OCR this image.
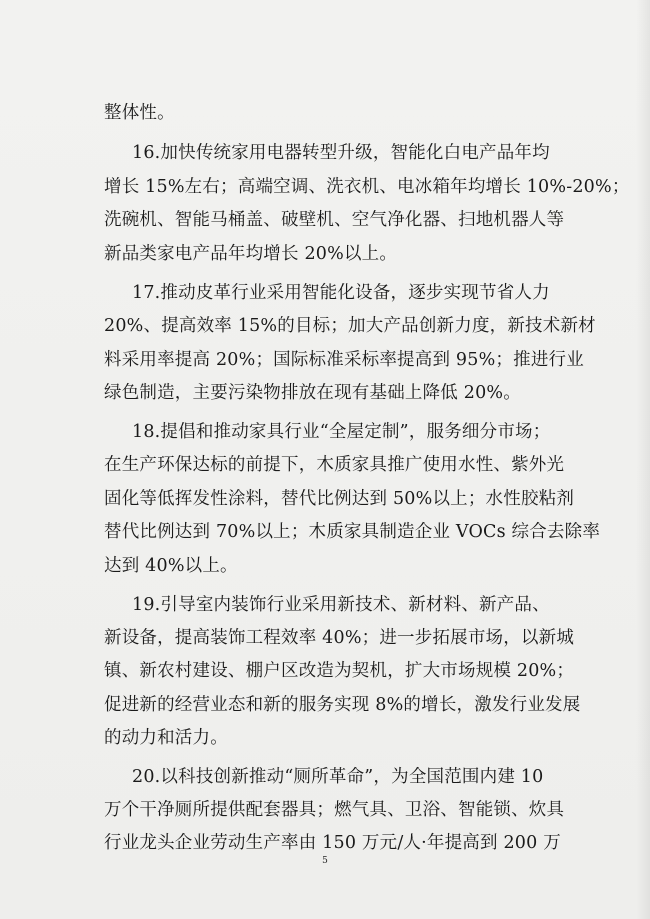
整体性。
16.加快传统家用电器转型升级，智能化白电产品年均
增长 15%左右；高端空调、洗衣机、电冰箱年均增长 10%-20%；
洗碗机、智能马桶盖、破壁机、空气净化器、扫地机器人等
新品类家电产品年均增长 20%以上。
17.推动皮革行业采用智能化设备，逐步实现节省人力
20%、提高效率 15%的目标；加大产品创新力度，新技术新材
料采用率提高 20%；国际标准采标率提高到 95%；推进行业
绿色制造，主要污染物排放在现有基础上降低 20%。
18.提倡和推动家具行业“全屋定制”，服务细分市场；
在生产环保达标的前提下，木质家具推广使用水性、紫外光
固化等低挥发性涂料，替代比例达到 50%以上；水性胶粘剂
替代比例达到 70%以上；木质家具制造企业 VOCs 综合去除率
达到 40%以上。
19.引导室内装饰行业采用新技术、新材料、新产品、
新设备，提高装饰工程效率 40%；进一步拓展市场，以新城
镇、新农村建设、棚户区改造为契机，扩大市场规模 20%；
促进新的经营业态和新的服务实现 8%的增长，激发行业发展
的动力和活力。
20.以科技创新推动“厕所革命”，为全国范围内建 10
万个干净厕所提供配套器具；燃气具、卫浴、智能锁、炊具
行业龙头企业劳动生产率由 150 万元/人·年提高到 200 万
5
